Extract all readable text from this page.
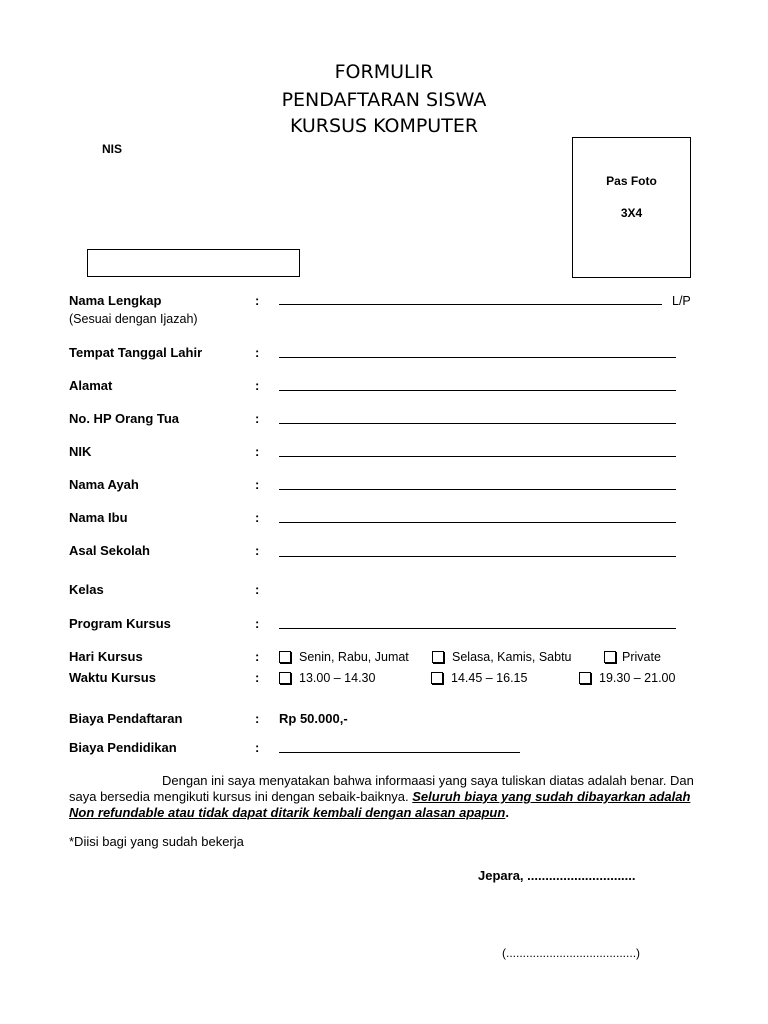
FORMULIR
PENDAFTARAN SISWA
KURSUS KOMPUTER
NIS
Pas Foto
3X4
Nama Lengkap	:	L/P
(Sesuai dengan Ijazah)
Tempat Tanggal Lahir	:
Alamat	:
No. HP Orang Tua	:
NIK	:
Nama Ayah	:
Nama Ibu	:
Asal Sekolah	:
Kelas	:
Program Kursus	:
Hari Kursus	:	Senin, Rabu, Jumat	Selasa, Kamis, Sabtu	Private
Waktu Kursus	:	13.00 – 14.30	14.45 – 16.15	19.30 – 21.00
Biaya Pendaftaran	: Rp 50.000,-
Biaya Pendidikan	:
Dengan ini saya menyatakan bahwa informaasi yang saya tuliskan diatas adalah benar. Dan saya bersedia mengikuti kursus ini dengan sebaik-baiknya. Seluruh biaya yang sudah dibayarkan adalah Non refundable atau tidak dapat ditarik kembali dengan alasan apapun.
*Diisi bagi yang sudah bekerja
Jepara, ..............................
(.......................................)
